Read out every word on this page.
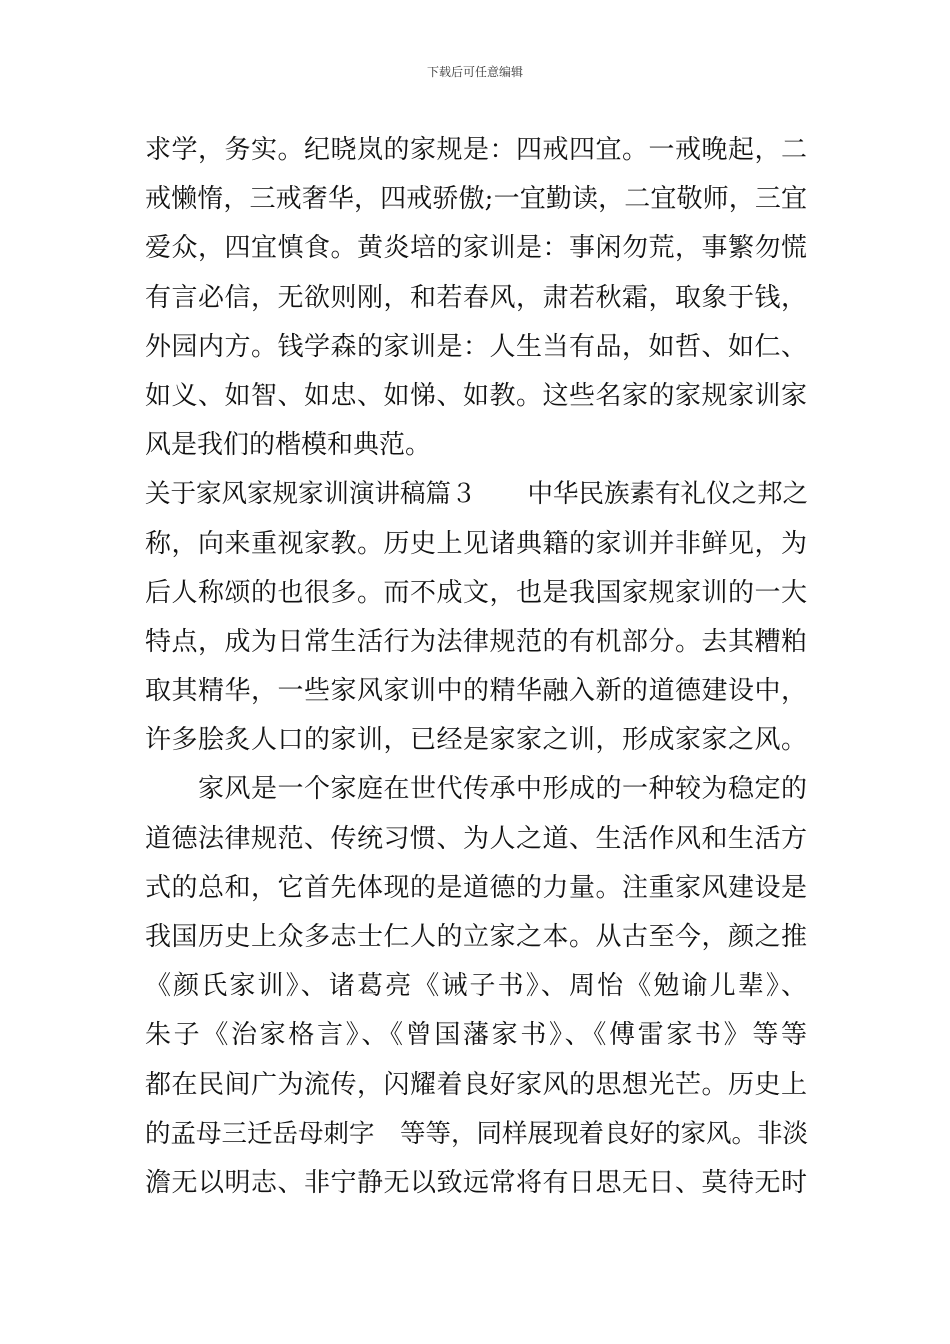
下载后可任意编辑
求学，务实。纪晓岚的家规是：四戒四宜。一戒晚起，二
戒懒惰，三戒奢华，四戒骄傲;一宜勤读，二宜敬师，三宜
爱众，四宜慎食。黄炎培的家训是：事闲勿荒，事繁勿慌
有言必信，无欲则刚，和若春风，肃若秋霜，取象于钱，
外园内方。钱学森的家训是：人生当有品，如哲、如仁、
如义、如智、如忠、如悌、如教。这些名家的家规家训家
风是我们的楷模和典范。
关于家风家规家训演讲稿篇３　　中华民族素有礼仪之邦之
称，向来重视家教。历史上见诸典籍的家训并非鲜见，为
后人称颂的也很多。而不成文，也是我国家规家训的一大
特点，成为日常生活行为法律规范的有机部分。去其糟粕
取其精华，一些家风家训中的精华融入新的道德建设中，
许多脍炙人口的家训，已经是家家之训，形成家家之风。
　　家风是一个家庭在世代传承中形成的一种较为稳定的
道德法律规范、传统习惯、为人之道、生活作风和生活方
式的总和，它首先体现的是道德的力量。注重家风建设是
我国历史上众多志士仁人的立家之本。从古至今，颜之推
《颜氏家训》、诸葛亮《诫子书》、周怡《勉谕儿辈》、
朱子《治家格言》、《曾国藩家书》、《傅雷家书》等等
都在民间广为流传，闪耀着良好家风的思想光芒。历史上
的孟母三迁岳母刺字　等等，同样展现着良好的家风。非淡
澹无以明志、非宁静无以致远常将有日思无日、莫待无时
